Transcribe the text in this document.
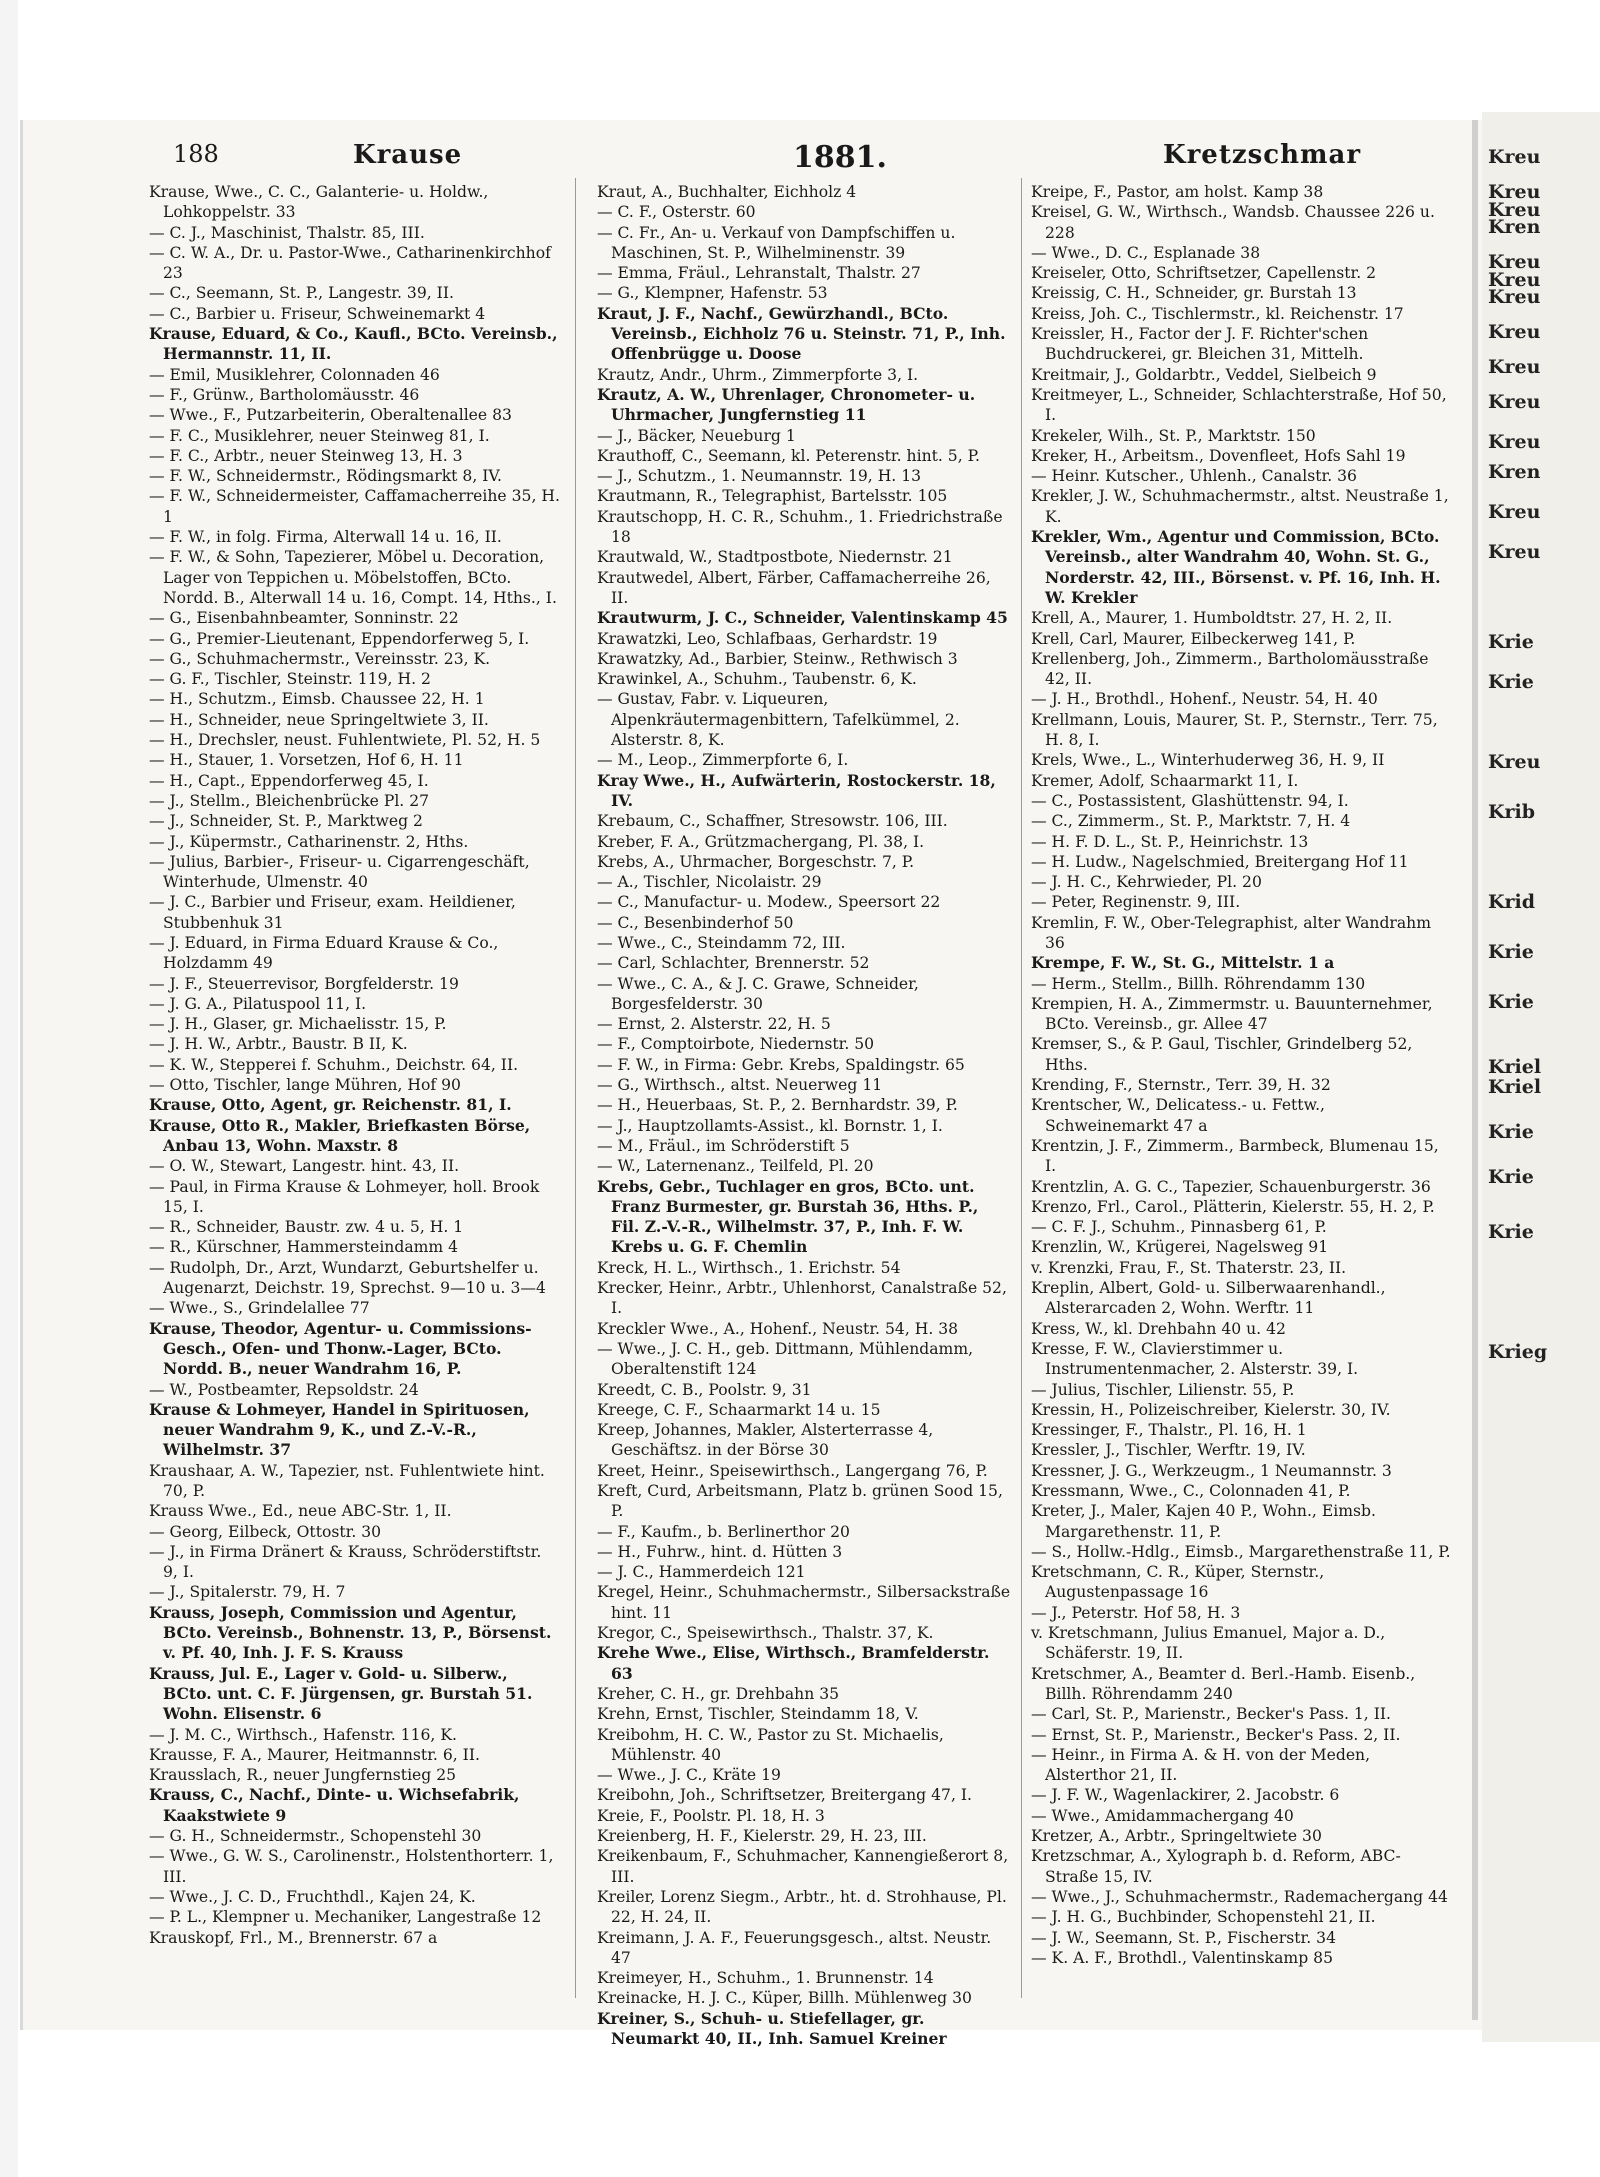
188	Krause	1881.	Kretzschmar

Krause, Wwe., C. C., Galanterie- u. Holdw., Lohkoppelstr. 33

— C. J., Maschinist, Thalstr. 85, III.

— C. W. A., Dr. u. Pastor-Wwe., Catharinenkirchhof 23

— C., Seemann, St. P., Langestr. 39, II.

— C., Barbier u. Friseur, Schweinemarkt 4

Krause, Eduard, & Co., Kaufl., BCto. Vereinsb., Hermannstr. 11, II.

— Emil, Musiklehrer, Colonnaden 46

— F., Grünw., Bartholomäusstr. 46

— Wwe., F., Putzarbeiterin, Oberaltenallee 83

— F. C., Musiklehrer, neuer Steinweg 81, I.

— F. C., Arbtr., neuer Steinweg 13, H. 3

— F. W., Schneidermstr., Rödingsmarkt 8, IV.

— F. W., Schneidermeister, Caffamacherreihe 35, H. 1

— F. W., in folg. Firma, Alterwall 14 u. 16, II.

— F. W., & Sohn, Tapezierer, Möbel u. Decoration, Lager von Teppichen u. Möbelstoffen, BCto. Nordd. B., Alterwall 14 u. 16, Compt. 14, Hths., I.

— G., Eisenbahnbeamter, Sonninstr. 22

— G., Premier-Lieutenant, Eppendorferweg 5, I.

— G., Schuhmachermstr., Vereinsstr. 23, K.

— G. F., Tischler, Steinstr. 119, H. 2

— H., Schutzm., Eimsb. Chaussee 22, H. 1

— H., Schneider, neue Springeltwiete 3, II.

— H., Drechsler, neust. Fuhlentwiete, Pl. 52, H. 5

— H., Stauer, 1. Vorsetzen, Hof 6, H. 11

— H., Capt., Eppendorferweg 45, I.

— J., Stellm., Bleichenbrücke Pl. 27

— J., Schneider, St. P., Marktweg 2

— J., Küpermstr., Catharinenstr. 2, Hths.

— Julius, Barbier-, Friseur- u. Cigarrengeschäft, Winterhude, Ulmenstr. 40

— J. C., Barbier und Friseur, exam. Heildiener, Stubbenhuk 31

— J. Eduard, in Firma Eduard Krause & Co., Holzdamm 49

— J. F., Steuerrevisor, Borgfelderstr. 19

— J. G. A., Pilatuspool 11, I.

— J. H., Glaser, gr. Michaelisstr. 15, P.

— J. H. W., Arbtr., Baustr. B II, K.

— K. W., Stepperei f. Schuhm., Deichstr. 64, II.

— Otto, Tischler, lange Mühren, Hof 90

Krause, Otto, Agent, gr. Reichenstr. 81, I.

Krause, Otto R., Makler, Briefkasten Börse, Anbau 13, Wohn. Maxstr. 8

— O. W., Stewart, Langestr. hint. 43, II.

— Paul, in Firma Krause & Lohmeyer, holl. Brook 15, I.

— R., Schneider, Baustr. zw. 4 u. 5, H. 1

— R., Kürschner, Hammersteindamm 4

— Rudolph, Dr., Arzt, Wundarzt, Geburtshelfer u. Augenarzt, Deichstr. 19, Sprechst. 9—10 u. 3—4

— Wwe., S., Grindelallee 77

Krause, Theodor, Agentur- u. Commissions-Gesch., Ofen- und Thonw.-Lager, BCto. Nordd. B., neuer Wandrahm 16, P.

— W., Postbeamter, Repsoldstr. 24

Krause & Lohmeyer, Handel in Spirituosen, neuer Wandrahm 9, K., und Z.-V.-R., Wilhelmstr. 37

Kraushaar, A. W., Tapezier, nst. Fuhlentwiete hint. 70, P.

Krauss Wwe., Ed., neue ABC-Str. 1, II.

— Georg, Eilbeck, Ottostr. 30

— J., in Firma Dränert & Krauss, Schröderstiftstr. 9, I.

— J., Spitalerstr. 79, H. 7

Krauss, Joseph, Commission und Agentur, BCto. Vereinsb., Bohnenstr. 13, P., Börsenst. v. Pf. 40, Inh. J. F. S. Krauss

Krauss, Jul. E., Lager v. Gold- u. Silberw., BCto. unt. C. F. Jürgensen, gr. Burstah 51. Wohn. Elisenstr. 6

— J. M. C., Wirthsch., Hafenstr. 116, K.

Krausse, F. A., Maurer, Heitmannstr. 6, II.

Krausslach, R., neuer Jungfernstieg 25

Krauss, C., Nachf., Dinte- u. Wichsefabrik, Kaakstwiete 9

— G. H., Schneidermstr., Schopenstehl 30

— Wwe., G. W. S., Carolinenstr., Holstenthorterr. 1, III.

— Wwe., J. C. D., Fruchthdl., Kajen 24, K.

— P. L., Klempner u. Mechaniker, Langestraße 12

Krauskopf, Frl., M., Brennerstr. 67 a

Kraut, A., Buchhalter, Eichholz 4

— C. F., Osterstr. 60

— C. Fr., An- u. Verkauf von Dampfschiffen u. Maschinen, St. P., Wilhelminenstr. 39

— Emma, Fräul., Lehranstalt, Thalstr. 27

— G., Klempner, Hafenstr. 53

Kraut, J. F., Nachf., Gewürzhandl., BCto. Vereinsb., Eichholz 76 u. Steinstr. 71, P., Inh. Offenbrügge u. Doose

Krautz, Andr., Uhrm., Zimmerpforte 3, I.

Krautz, A. W., Uhrenlager, Chronometer- u. Uhrmacher, Jungfernstieg 11

— J., Bäcker, Neueburg 1

Krauthoff, C., Seemann, kl. Peterenstr. hint. 5, P.

— J., Schutzm., 1. Neumannstr. 19, H. 13

Krautmann, R., Telegraphist, Bartelsstr. 105

Krautschopp, H. C. R., Schuhm., 1. Friedrichstraße 18

Krautwald, W., Stadtpostbote, Niedernstr. 21

Krautwedel, Albert, Färber, Caffamacherreihe 26, II.

Krautwurm, J. C., Schneider, Valentinskamp 45

Krawatzki, Leo, Schlafbaas, Gerhardstr. 19

Krawatzky, Ad., Barbier, Steinw., Rethwisch 3

Krawinkel, A., Schuhm., Taubenstr. 6, K.

— Gustav, Fabr. v. Liqueuren, Alpenkräutermagenbittern, Tafelkümmel, 2. Alsterstr. 8, K.

— M., Leop., Zimmerpforte 6, I.

Kray Wwe., H., Aufwärterin, Rostockerstr. 18, IV.

Krebaum, C., Schaffner, Stresowstr. 106, III.

Kreber, F. A., Grützmachergang, Pl. 38, I.

Krebs, A., Uhrmacher, Borgeschstr. 7, P.

— A., Tischler, Nicolaistr. 29

— C., Manufactur- u. Modew., Speersort 22

— C., Besenbinderhof 50

— Wwe., C., Steindamm 72, III.

— Carl, Schlachter, Brennerstr. 52

— Wwe., C. A., & J. C. Grawe, Schneider, Borgesfelderstr. 30

— Ernst, 2. Alsterstr. 22, H. 5

— F., Comptoirbote, Niedernstr. 50

— F. W., in Firma: Gebr. Krebs, Spaldingstr. 65

— G., Wirthsch., altst. Neuerweg 11

— H., Heuerbaas, St. P., 2. Bernhardstr. 39, P.

— J., Hauptzollamts-Assist., kl. Bornstr. 1, I.

— M., Fräul., im Schröderstift 5

— W., Laternenanz., Teilfeld, Pl. 20

Krebs, Gebr., Tuchlager en gros, BCto. unt. Franz Burmester, gr. Burstah 36, Hths. P., Fil. Z.-V.-R., Wilhelmstr. 37, P., Inh. F. W. Krebs u. G. F. Chemlin

Kreck, H. L., Wirthsch., 1. Erichstr. 54

Krecker, Heinr., Arbtr., Uhlenhorst, Canalstraße 52, I.

Kreckler Wwe., A., Hohenf., Neustr. 54, H. 38

— Wwe., J. C. H., geb. Dittmann, Mühlendamm, Oberaltenstift 124

Kreedt, C. B., Poolstr. 9, 31

Kreege, C. F., Schaarmarkt 14 u. 15

Kreep, Johannes, Makler, Alsterterrasse 4, Geschäftsz. in der Börse 30

Kreet, Heinr., Speisewirthsch., Langergang 76, P.

Kreft, Curd, Arbeitsmann, Platz b. grünen Sood 15, P.

— F., Kaufm., b. Berlinerthor 20

— H., Fuhrw., hint. d. Hütten 3

— J. C., Hammerdeich 121

Kregel, Heinr., Schuhmachermstr., Silbersackstraße hint. 11

Kregor, C., Speisewirthsch., Thalstr. 37, K.

Krehe Wwe., Elise, Wirthsch., Bramfelderstr. 63

Kreher, C. H., gr. Drehbahn 35

Krehn, Ernst, Tischler, Steindamm 18, V.

Kreibohm, H. C. W., Pastor zu St. Michaelis, Mühlenstr. 40

— Wwe., J. C., Kräte 19

Kreibohn, Joh., Schriftsetzer, Breitergang 47, I.

Kreie, F., Poolstr. Pl. 18, H. 3

Kreienberg, H. F., Kielerstr. 29, H. 23, III.

Kreikenbaum, F., Schuhmacher, Kannengießerort 8, III.

Kreiler, Lorenz Siegm., Arbtr., ht. d. Strohhause, Pl. 22, H. 24, II.

Kreimann, J. A. F., Feuerungsgesch., altst. Neustr. 47

Kreimeyer, H., Schuhm., 1. Brunnenstr. 14

Kreinacke, H. J. C., Küper, Billh. Mühlenweg 30

Kreiner, S., Schuh- u. Stiefellager, gr. Neumarkt 40, II., Inh. Samuel Kreiner

Kreipe, F., Pastor, am holst. Kamp 38

Kreisel, G. W., Wirthsch., Wandsb. Chaussee 226 u. 228

— Wwe., D. C., Esplanade 38

Kreiseler, Otto, Schriftsetzer, Capellenstr. 2

Kreissig, C. H., Schneider, gr. Burstah 13

Kreiss, Joh. C., Tischlermstr., kl. Reichenstr. 17

Kreissler, H., Factor der J. F. Richter'schen Buchdruckerei, gr. Bleichen 31, Mittelh.

Kreitmair, J., Goldarbtr., Veddel, Sielbeich 9

Kreitmeyer, L., Schneider, Schlachterstraße, Hof 50, I.

Krekeler, Wilh., St. P., Marktstr. 150

Kreker, H., Arbeitsm., Dovenfleet, Hofs Sahl 19

— Heinr. Kutscher., Uhlenh., Canalstr. 36

Krekler, J. W., Schuhmachermstr., altst. Neustraße 1, K.

Krekler, Wm., Agentur und Commission, BCto. Vereinsb., alter Wandrahm 40, Wohn. St. G., Norderstr. 42, III., Börsenst. v. Pf. 16, Inh. H. W. Krekler

Krell, A., Maurer, 1. Humboldtstr. 27, H. 2, II.

Krell, Carl, Maurer, Eilbeckerweg 141, P.

Krellenberg, Joh., Zimmerm., Bartholomäusstraße 42, II.

— J. H., Brothdl., Hohenf., Neustr. 54, H. 40

Krellmann, Louis, Maurer, St. P., Sternstr., Terr. 75, H. 8, I.

Krels, Wwe., L., Winterhuderweg 36, H. 9, II

Kremer, Adolf, Schaarmarkt 11, I.

— C., Postassistent, Glashüttenstr. 94, I.

— C., Zimmerm., St. P., Marktstr. 7, H. 4

— H. F. D. L., St. P., Heinrichstr. 13

— H. Ludw., Nagelschmied, Breitergang Hof 11

— J. H. C., Kehrwieder, Pl. 20

— Peter, Reginenstr. 9, III.

Kremlin, F. W., Ober-Telegraphist, alter Wandrahm 36

Krempe, F. W., St. G., Mittelstr. 1 a

— Herm., Stellm., Billh. Röhrendamm 130

Krempien, H. A., Zimmermstr. u. Bauunternehmer, BCto. Vereinsb., gr. Allee 47

Kremser, S., & P. Gaul, Tischler, Grindelberg 52, Hths.

Krending, F., Sternstr., Terr. 39, H. 32

Krentscher, W., Delicatess.- u. Fettw., Schweinemarkt 47 a

Krentzin, J. F., Zimmerm., Barmbeck, Blumenau 15, I.

Krentzlin, A. G. C., Tapezier, Schauenburgerstr. 36

Krenzo, Frl., Carol., Plätterin, Kielerstr. 55, H. 2, P.

— C. F. J., Schuhm., Pinnasberg 61, P.

Krenzlin, W., Krügerei, Nagelsweg 91

v. Krenzki, Frau, F., St. Thaterstr. 23, II.

Kreplin, Albert, Gold- u. Silberwaarenhandl., Alsterarcaden 2, Wohn. Werftr. 11

Kress, W., kl. Drehbahn 40 u. 42

Kresse, F. W., Clavierstimmer u. Instrumentenmacher, 2. Alsterstr. 39, I.

— Julius, Tischler, Lilienstr. 55, P.

Kressin, H., Polizeischreiber, Kielerstr. 30, IV.

Kressinger, F., Thalstr., Pl. 16, H. 1

Kressler, J., Tischler, Werftr. 19, IV.

Kressner, J. G., Werkzeugm., 1 Neumannstr. 3

Kressmann, Wwe., C., Colonnaden 41, P.

Kreter, J., Maler, Kajen 40 P., Wohn., Eimsb. Margarethenstr. 11, P.

— S., Hollw.-Hdlg., Eimsb., Margarethenstraße 11, P.

Kretschmann, C. R., Küper, Sternstr., Augustenpassage 16

— J., Peterstr. Hof 58, H. 3

v. Kretschmann, Julius Emanuel, Major a. D., Schäferstr. 19, II.

Kretschmer, A., Beamter d. Berl.-Hamb. Eisenb., Billh. Röhrendamm 240

— Carl, St. P., Marienstr., Becker's Pass. 1, II.

— Ernst, St. P., Marienstr., Becker's Pass. 2, II.

— Heinr., in Firma A. & H. von der Meden, Alsterthor 21, II.

— J. F. W., Wagenlackirer, 2. Jacobstr. 6

— Wwe., Amidammachergang 40

Kretzer, A., Arbtr., Springeltwiete 30

Kretzschmar, A., Xylograph b. d. Reform, ABC-Straße 15, IV.

— Wwe., J., Schuhmachermstr., Rademachergang 44

— J. H. G., Buchbinder, Schopenstehl 21, II.

— J. W., Seemann, St. P., Fischerstr. 34

— K. A. F., Brothdl., Valentinskamp 85

Kreu
Kreu
Kreu
Kren
Kreu
Kreu
Kreu
Kreu
Kreu
Kreu
Kreu
Kren
Kreu
Kreu
Krie
Krie
Kreu
Krib
Krid
Krie
Krie
Kriel
Kriel
Krie
Krie
Krie
Krieg
